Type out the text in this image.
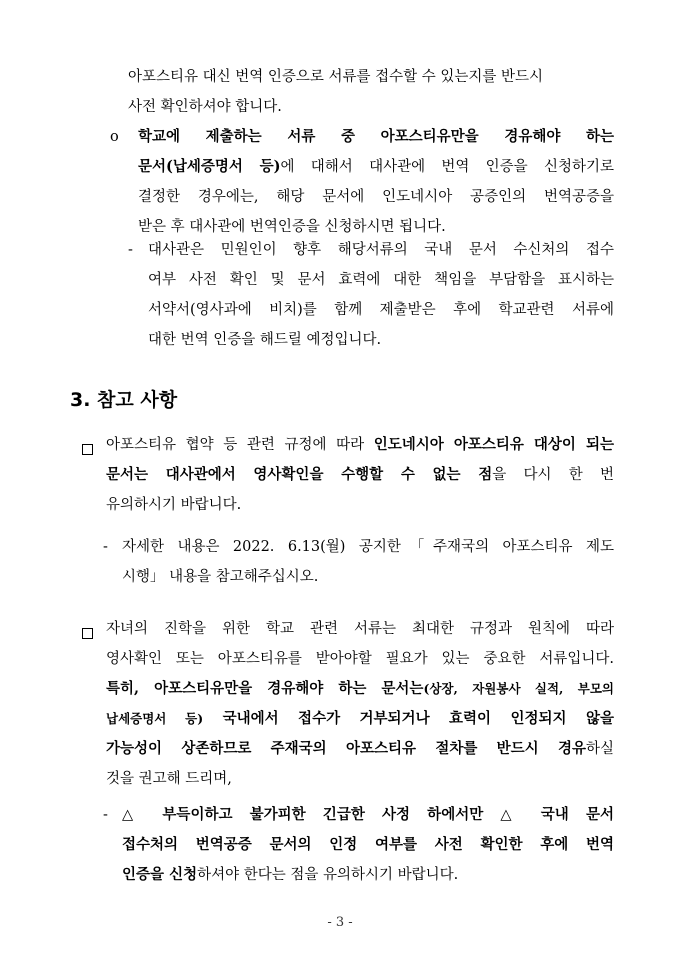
아포스티유 대신 번역 인증으로 서류를 접수할 수 있는지를 반드시
사전 확인하셔야 합니다.
o 학교에 제출하는 서류 중 아포스티유만을 경유해야 하는
문서(납세증명서 등)에 대해서 대사관에 번역 인증을 신청하기로
결정한 경우에는, 해당 문서에 인도네시아 공증인의 번역공증을
받은 후 대사관에 번역인증을 신청하시면 됩니다.
- 대사관은 민원인이 향후 해당서류의 국내 문서 수신처의 접수
여부 사전 확인 및 문서 효력에 대한 책임을 부담함을 표시하는
서약서(영사과에 비치)를 함께 제출받은 후에 학교관련 서류에
대한 번역 인증을 해드릴 예정입니다.
3. 참고 사항
아포스티유 협약 등 관련 규정에 따라 인도네시아 아포스티유 대상이 되는
문서는 대사관에서 영사확인을 수행할 수 없는 점을 다시 한 번
유의하시기 바랍니다.
- 자세한 내용은 2022. 6.13(월) 공지한「주재국의 아포스티유 제도
시행」 내용을 참고해주십시오.
자녀의 진학을 위한 학교 관련 서류는 최대한 규정과 원칙에 따라
영사확인 또는 아포스티유를 받아야할 필요가 있는 중요한 서류입니다.
특히, 아포스티유만을 경유해야 하는 문서는(상장, 자원봉사 실적, 부모의
납세증명서 등) 국내에서 접수가 거부되거나 효력이 인정되지 않을
가능성이 상존하므로 주재국의 아포스티유 절차를 반드시 경유하실
것을 권고해 드리며,
- △ 부득이하고 불가피한 긴급한 사정 하에서만 △ 국내 문서
접수처의 번역공증 문서의 인정 여부를 사전 확인한 후에 번역
인증을 신청하셔야 한다는 점을 유의하시기 바랍니다.
- 3 -
